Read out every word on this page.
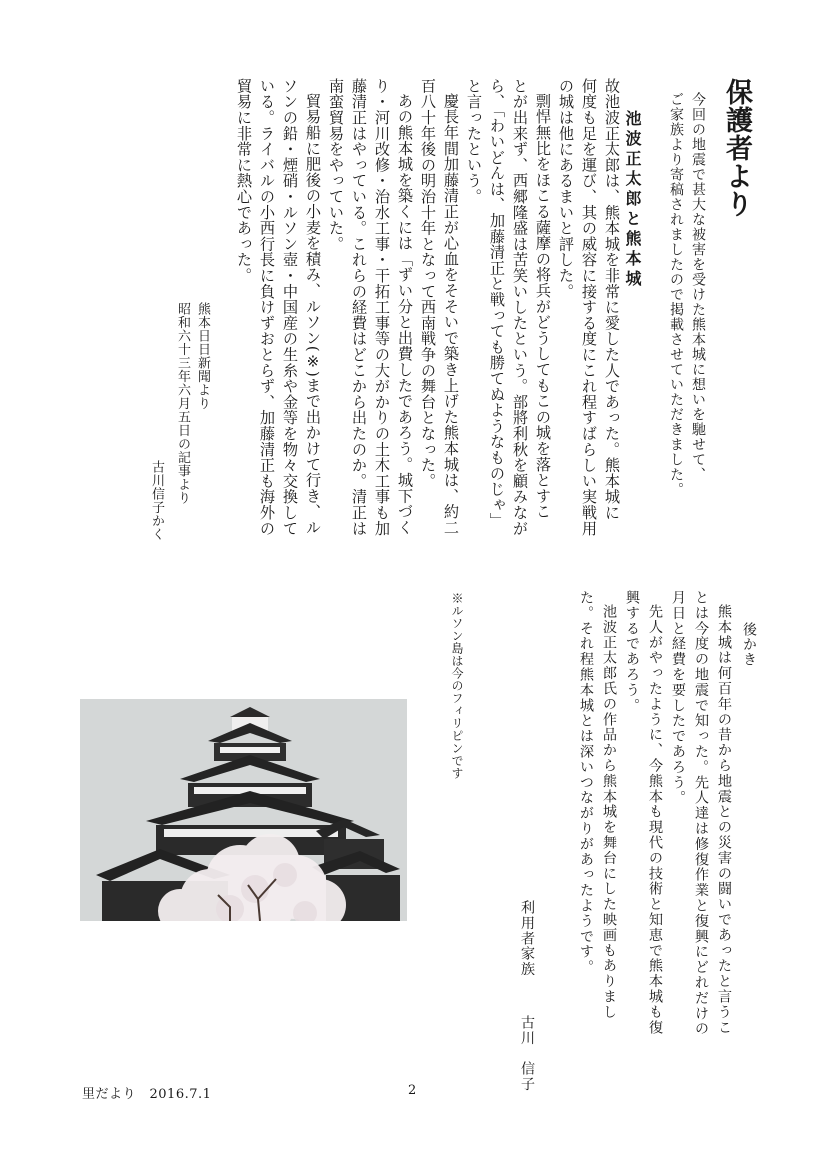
保護者より
今回の地震で甚大な被害を受けた熊本城に想いを馳せて、
ご家族より寄稿されましたので掲載させていただきました。
池波正太郎と熊本城
故池波正太郎は、熊本城を非常に愛した人であった。熊本城に
何度も足を運び、其の威容に接する度にこれ程すばらしい実戦用
の城は他にあるまいと評した。
剽悍無比をほこる薩摩の将兵がどうしてもこの城を落とすこ
とが出来ず、西郷隆盛は苦笑いしたという。部將利秋を顧みなが
ら、「わいどんは、加藤清正と戦っても勝てぬようなものじゃ」
と言ったという。
慶長年間加藤清正が心血をそそいで築き上げた熊本城は、約二
百八十年後の明治十年となって西南戦争の舞台となった。
あの熊本城を築くには「ずい分と出費したであろう。城下づく
り・河川改修・治水工事・干拓工事等の大がかりの土木工事も加
藤清正はやっている。これらの経費はどこから出たのか。清正は
南蛮貿易をやっていた。
貿易船に肥後の小麦を積み、ルソン(※)まで出かけて行き、ル
ソンの鉛・煙硝・ルソン壺・中国産の生糸や金等を物々交換して
いる。ライバルの小西行長に負けずおとらず、加藤清正も海外の
貿易に非常に熱心であった。
熊本日日新聞より
昭和六十三年六月五日の記事より
古川信子かく
後かき
熊本城は何百年の昔から地震との災害の闘いであったと言うこ
とは今度の地震で知った。先人達は修復作業と復興にどれだけの
月日と経費を要したであろう。
先人がやったように、今熊本も現代の技術と知恵で熊本城も復
興するであろう。
池波正太郎氏の作品から熊本城を舞台にした映画もありまし
た。それ程熊本城とは深いつながりがあったようです。
利用者家族
古川　信子
※ルソン島は今のフィリピンです
里だより　2016.7.1	2
